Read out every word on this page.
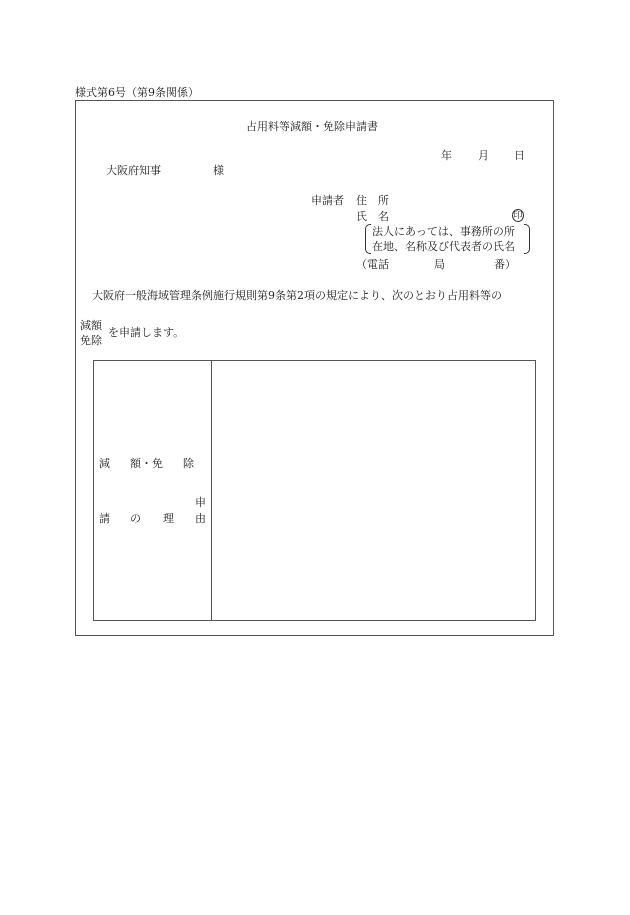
様式第6号（第9条関係）
占用料等減額・免除申請書
年 月 日
大阪府知事	様
申請者 住　所
氏　名	印
法人にあっては、事務所の所
在地、名称及び代表者の氏名
（電話	局	番）
大阪府一般海域管理条例施行規則第9条第2項の規定により、次のとおり占用料等の
減額
免除
を申請します。
減 額・免 除
申
請 の 理 由
